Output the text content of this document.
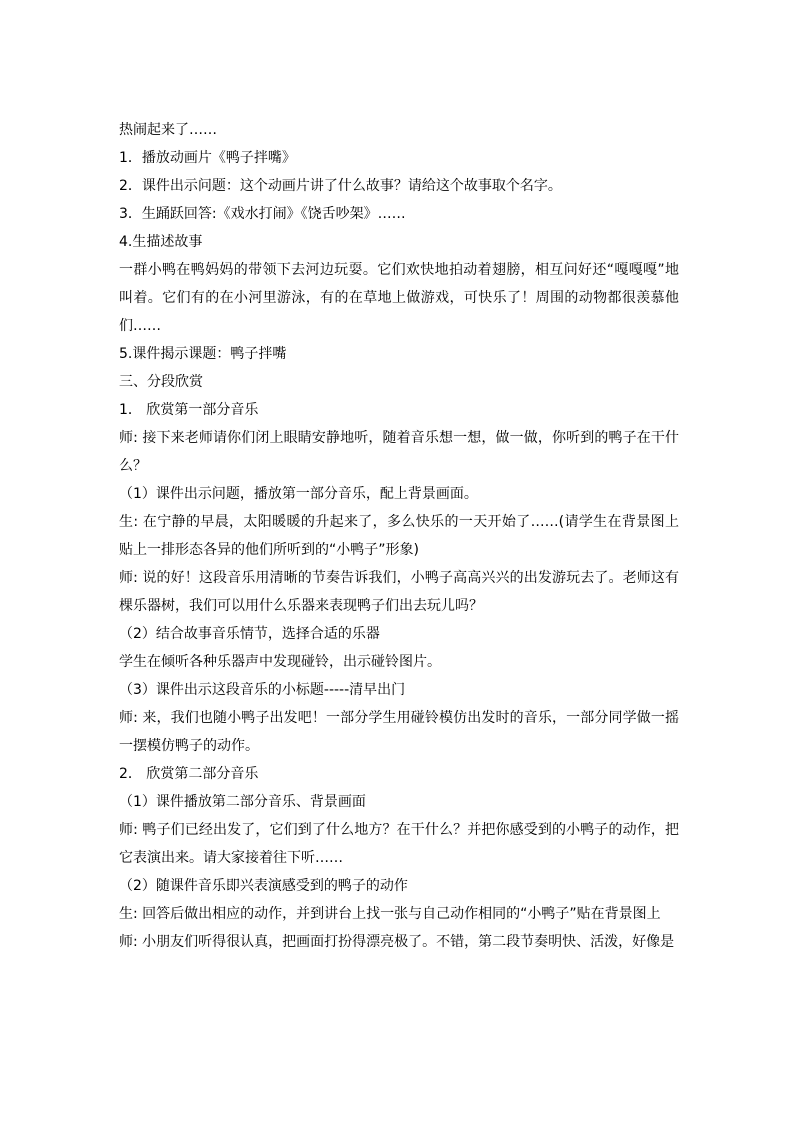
热闹起来了……
1．播放动画片《鸭子拌嘴》
2．课件出示问题：这个动画片讲了什么故事？请给这个故事取个名字。
3．生踊跃回答:《戏水打闹》《饶舌吵架》……
4.生描述故事
一群小鸭在鸭妈妈的带领下去河边玩耍。它们欢快地拍动着翅膀，相互问好还“嘎嘎嘎”地
叫着。它们有的在小河里游泳，有的在草地上做游戏，可快乐了！周围的动物都很羡慕他
们……
5.课件揭示课题：鸭子拌嘴
三、分段欣赏
1． 欣赏第一部分音乐
师: 接下来老师请你们闭上眼睛安静地听，随着音乐想一想，做一做，你听到的鸭子在干什
么？
（1）课件出示问题，播放第一部分音乐，配上背景画面。
生: 在宁静的早晨，太阳暖暖的升起来了，多么快乐的一天开始了……(请学生在背景图上
贴上一排形态各异的他们所听到的“小鸭子”形象)
师: 说的好！这段音乐用清晰的节奏告诉我们，小鸭子高高兴兴的出发游玩去了。老师这有
棵乐器树，我们可以用什么乐器来表现鸭子们出去玩儿吗？
（2）结合故事音乐情节，选择合适的乐器
学生在倾听各种乐器声中发现碰铃，出示碰铃图片。
（3）课件出示这段音乐的小标题-----清早出门
师: 来，我们也随小鸭子出发吧！一部分学生用碰铃模仿出发时的音乐，一部分同学做一摇
一摆模仿鸭子的动作。
2． 欣赏第二部分音乐
（1）课件播放第二部分音乐、背景画面
师: 鸭子们已经出发了，它们到了什么地方？在干什么？并把你感受到的小鸭子的动作，把
它表演出来。请大家接着往下听……
（2）随课件音乐即兴表演感受到的鸭子的动作
生: 回答后做出相应的动作，并到讲台上找一张与自己动作相同的“小鸭子”贴在背景图上
师: 小朋友们听得很认真，把画面打扮得漂亮极了。不错，第二段节奏明快、活泼，好像是
